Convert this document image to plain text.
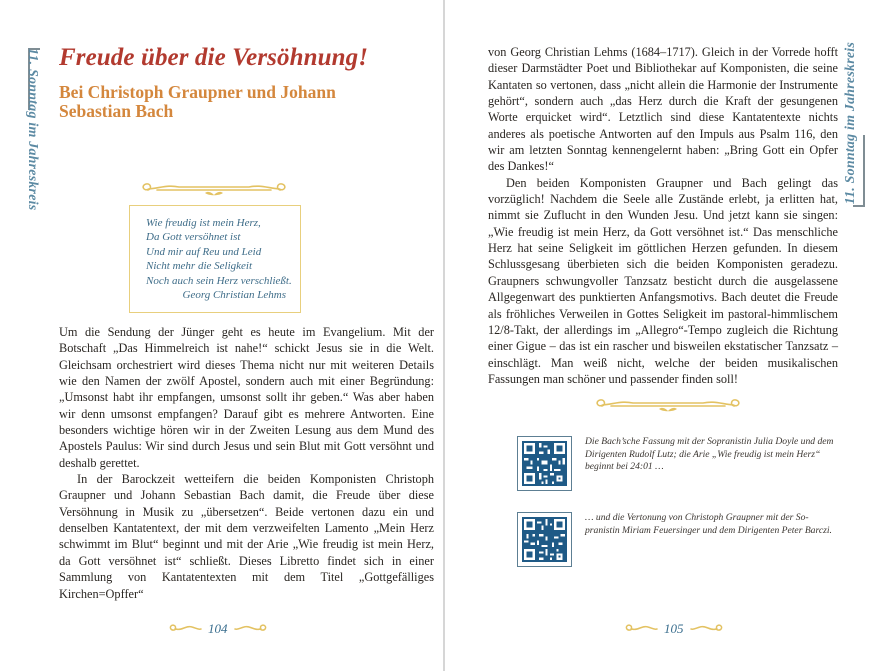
11. Sonntag im Jahreskreis Freude über die Versöhnung!
Bei Christoph Graupner und Johann Sebastian Bach
Wie freudig ist mein Herz,
Da Gott versöhnet ist
Und mir auf Reu und Leid
Nicht mehr die Seligkeit
Noch auch sein Herz verschließt.
Georg Christian Lehms

Um die Sendung der Jünger geht es heute im Evangelium. Mit der Botschaft „Das Himmelreich ist nahe!“ schickt Jesus sie in die Welt. Gleichsam orchestriert wird dieses Thema nicht nur mit weiteren Details wie den Namen der zwölf Apostel, sondern auch mit einer Begründung: „Umsonst habt ihr empfangen, umsonst sollt ihr geben.“ Was aber haben wir denn umsonst empfangen? Darauf gibt es mehrere Antworten. Eine besonders wichtige hören wir in der Zweiten Lesung aus dem Mund des Apostels Paulus: Wir sind durch Jesus und sein Blut mit Gott versöhnt und deshalb gerettet.

In der Barockzeit wetteifern die beiden Komponisten Christoph Graupner und Johann Sebastian Bach damit, die Freude über diese Versöhnung in Musik zu „übersetzen“. Beide vertonen dazu ein und denselben Kantatentext, der mit dem verzweifelten Lamento „Mein Herz schwimmt im Blut“ beginnt und mit der Arie „Wie freudig ist mein Herz, da Gott versöhnet ist“ schließt. Dieses Libretto findet sich in einer Sammlung von Kantatentexten mit dem Titel „Gottgefälliges Kirchen=Opffer“

104
11. Sonntag im Jahreskreis

von Georg Christian Lehms (1684–1717). Gleich in der Vorrede hofft dieser Darmstädter Poet und Bibliothekar auf Komponisten, die seine Kantaten so vertonen, dass „nicht allein die Harmonie der Instrumente gehört“, sondern auch „das Herz durch die Kraft der gesungenen Worte erquicket wird“. Letztlich sind diese Kantatentexte nichts anderes als poetische Antworten auf den Impuls aus Psalm 116, den wir am letzten Sonntag kennengelernt haben: „Bring Gott ein Opfer des Dankes!“

Den beiden Komponisten Graupner und Bach gelingt das vorzüglich! Nachdem die Seele alle Zustände erlebt, ja erlitten hat, nimmt sie Zuflucht in den Wunden Jesu. Und jetzt kann sie singen: „Wie freudig ist mein Herz, da Gott versöhnet ist.“ Das menschliche Herz hat seine Seligkeit im göttlichen Herzen gefunden. In diesem Schlussgesang überbieten sich die beiden Komponisten geradezu. Graupners schwungvoller Tanzsatz besticht durch die ausgelassene Allgegenwart des punktierten Anfangsmotivs. Bach deutet die Freude als fröhliches Verweilen in Gottes Seligkeit im pastoral-himmlischem 12/8-Takt, der allerdings im „Allegro“-Tempo zugleich die Richtung einer Gigue – das ist ein rascher und bisweilen ekstatischer Tanzsatz – einschlägt. Man weiß nicht, welche der beiden musikalischen Fassungen man schöner und passender finden soll!

Die Bach’sche Fassung mit der Sopranistin Julia Doyle und dem Dirigenten Rudolf Lutz; die Arie „Wie freudig ist mein Herz“ beginnt bei 24:01 …
… und die Vertonung von Christoph Graupner mit der Sopranistin Miriam Feuersinger und dem Dirigenten Peter Barczi.
105
